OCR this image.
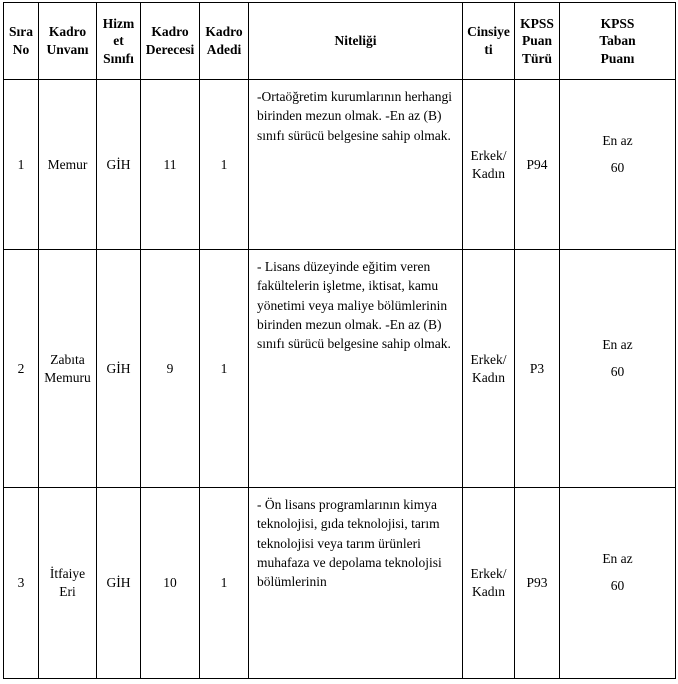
Sıra
No	Kadro
Unvanı	Hizm
et
Sınıfı	Kadro
Derecesi	Kadro
Adedi	Niteliği	Cinsiye
ti	KPSS
Puan
Türü	KPSS
Taban
Puanı

1	Memur	GİH	11	1	-Ortaöğretim kurumlarının herhangi birinden mezun olmak. -En az (B) sınıfı sürücü belgesine sahip olmak.	Erkek/
Kadın	P94	En az
60

2	Zabıta
Memuru	GİH	9	1	- Lisans düzeyinde eğitim veren fakültelerin işletme, iktisat, kamu yönetimi veya maliye bölümlerinin birinden mezun olmak. -En az (B) sınıfı sürücü belgesine sahip olmak.	Erkek/
Kadın	P3	En az
60

3	İtfaiye
Eri	GİH	10	1	- Ön lisans programlarının kimya teknolojisi, gıda teknolojisi, tarım teknolojisi veya tarım ürünleri muhafaza ve depolama teknolojisi bölümlerinin	Erkek/
Kadın	P93	En az
60
